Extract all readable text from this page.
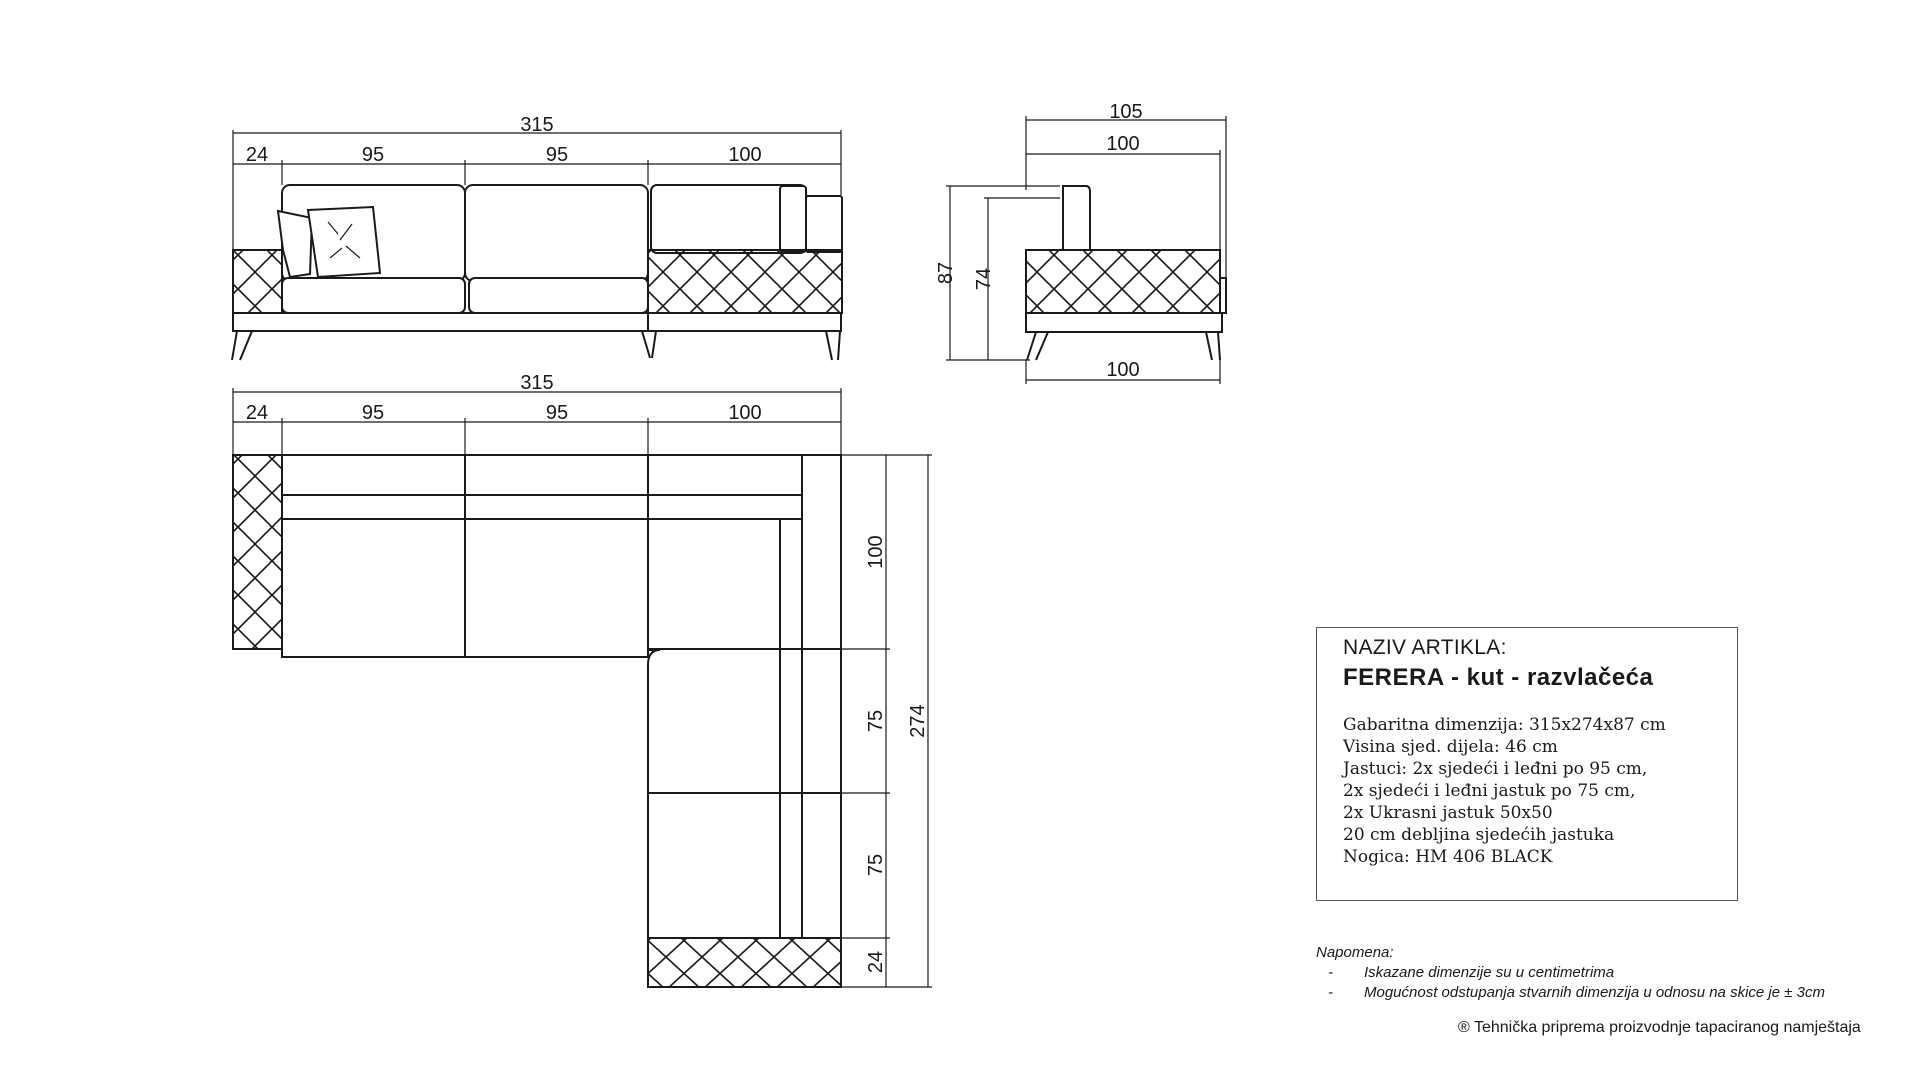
315
24	95	95	100
105
100
87 74
100
315
24	95	95	100
274
100
75
75
24
NAZIV ARTIKLA:
FERERA - kut - razvlačeća
Gabaritna dimenzija: 315x274x87 cm
Visina sjed. dijela: 46 cm
Jastuci: 2x sjedeći i leđni po 95 cm,
2x sjedeći i leđni jastuk po 75 cm,
2x Ukrasni jastuk 50x50
20 cm debljina sjedećih jastuka
Nogica: HM 406 BLACK
Napomena:
- Iskazane dimenzije su u centimetrima
- Mogućnost odstupanja stvarnih dimenzija u odnosu na skice je ± 3cm
® Tehnička priprema proizvodnje tapaciranog namještaja
